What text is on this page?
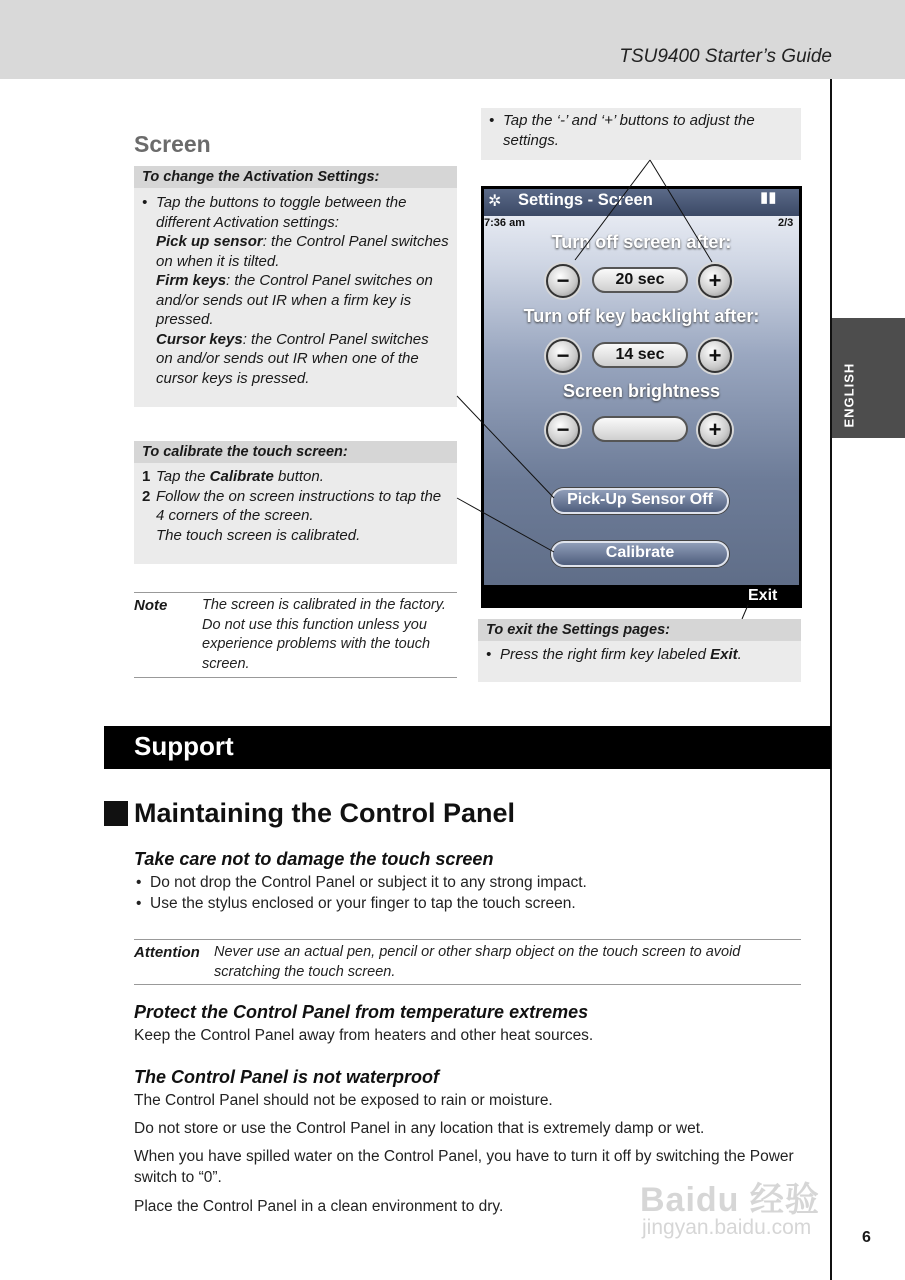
TSU9400 Starter’s Guide
ENGLISH
Screen
To change the Activation Settings:
• Tap the buttons to toggle between the different Activation settings:
Pick up sensor: the Control Panel switches on when it is tilted.
Firm keys: the Control Panel switches on and/or sends out IR when a firm key is pressed.
Cursor keys: the Control Panel switches on and/or sends out IR when one of the cursor keys is pressed.
To calibrate the touch screen:
1 Tap the Calibrate button.
2 Follow the on screen instructions to tap the 4 corners of the screen.
The touch screen is calibrated.
Note The screen is calibrated in the factory. Do not use this function unless you experience problems with the touch screen.
• Tap the ‘-’ and ‘+’ buttons to adjust the settings.
✲ Settings - Screen	▮▮
7:36 am	2/3
Turn off screen after:
−	20 sec	+
Turn off key backlight after:
−	14 sec	+
Screen brightness
−	+
Pick-Up Sensor Off
Calibrate
Exit
To exit the Settings pages:
• Press the right firm key labeled Exit.
Support
Maintaining the Control Panel
Take care not to damage the touch screen
•  Do not drop the Control Panel or subject it to any strong impact.
•  Use the stylus enclosed or your finger to tap the touch screen.
Attention Never use an actual pen, pencil or other sharp object on the touch screen to avoid scratching the touch screen.
Protect the Control Panel from temperature extremes
Keep the Control Panel away from heaters and other heat sources.
The Control Panel is not waterproof
The Control Panel should not be exposed to rain or moisture.
Do not store or use the Control Panel in any location that is extremely damp or wet.
When you have spilled water on the Control Panel, you have to turn it off by switching the Power switch to “0”.
Place the Control Panel in a clean environment to dry.	Baidu 经验
jingyan.baidu.com	6
